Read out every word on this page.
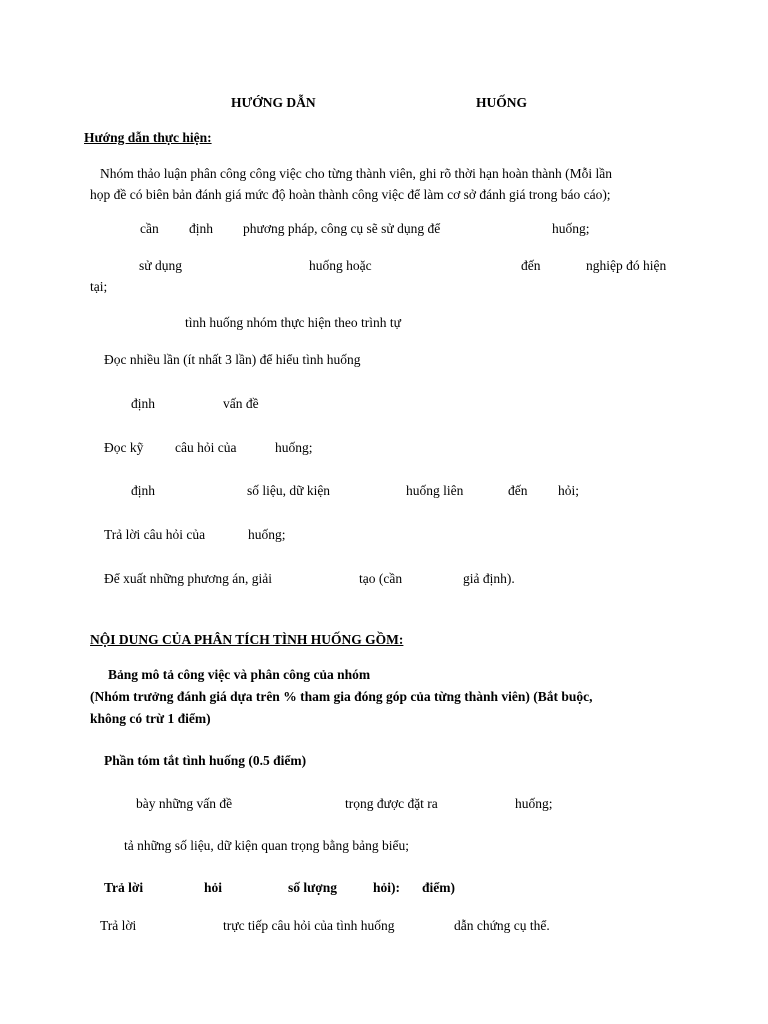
HƯỚNG DẪN	HUỐNG
Hướng dẫn thực hiện:
Nhóm thảo luận phân công công việc cho từng thành viên, ghi rõ thời hạn hoàn thành (Mỗi lần
họp đề có biên bản đánh giá mức độ hoàn thành công việc để làm cơ sở đánh giá trong báo cáo);
cần định phương pháp, công cụ sẽ sử dụng để	huống;
sử dụng	huống hoặc	đến	nghiệp đó hiện
tại;
tình huống nhóm thực hiện theo trình tự
Đọc nhiều lần (ít nhất 3 lần) để hiểu tình huống
định	vấn đề
Đọc kỹ câu hỏi của	huống;
định	số liệu, dữ kiện	huống liên	đến hỏi;
Trả lời câu hỏi của	huống;
Để xuất những phương án, giải	tạo (cần	giả định).
NỘI DUNG CỦA PHÂN TÍCH TÌNH HUỐNG GỒM:
Bảng mô tả công việc và phân công của nhóm
(Nhóm trưởng đánh giá dựa trên % tham gia đóng góp của từng thành viên) (Bắt buộc,
không có trừ 1 điểm)
Phần tóm tắt tình huống (0.5 điểm)
bày những vấn đề	trọng được đặt ra	huống;
tả những số liệu, dữ kiện quan trọng bằng bảng biểu;
Trả lời	hỏi	số lượng	hỏi): điểm)
Trả lời	trực tiếp câu hỏi của tình huống	dẫn chứng cụ thể.
